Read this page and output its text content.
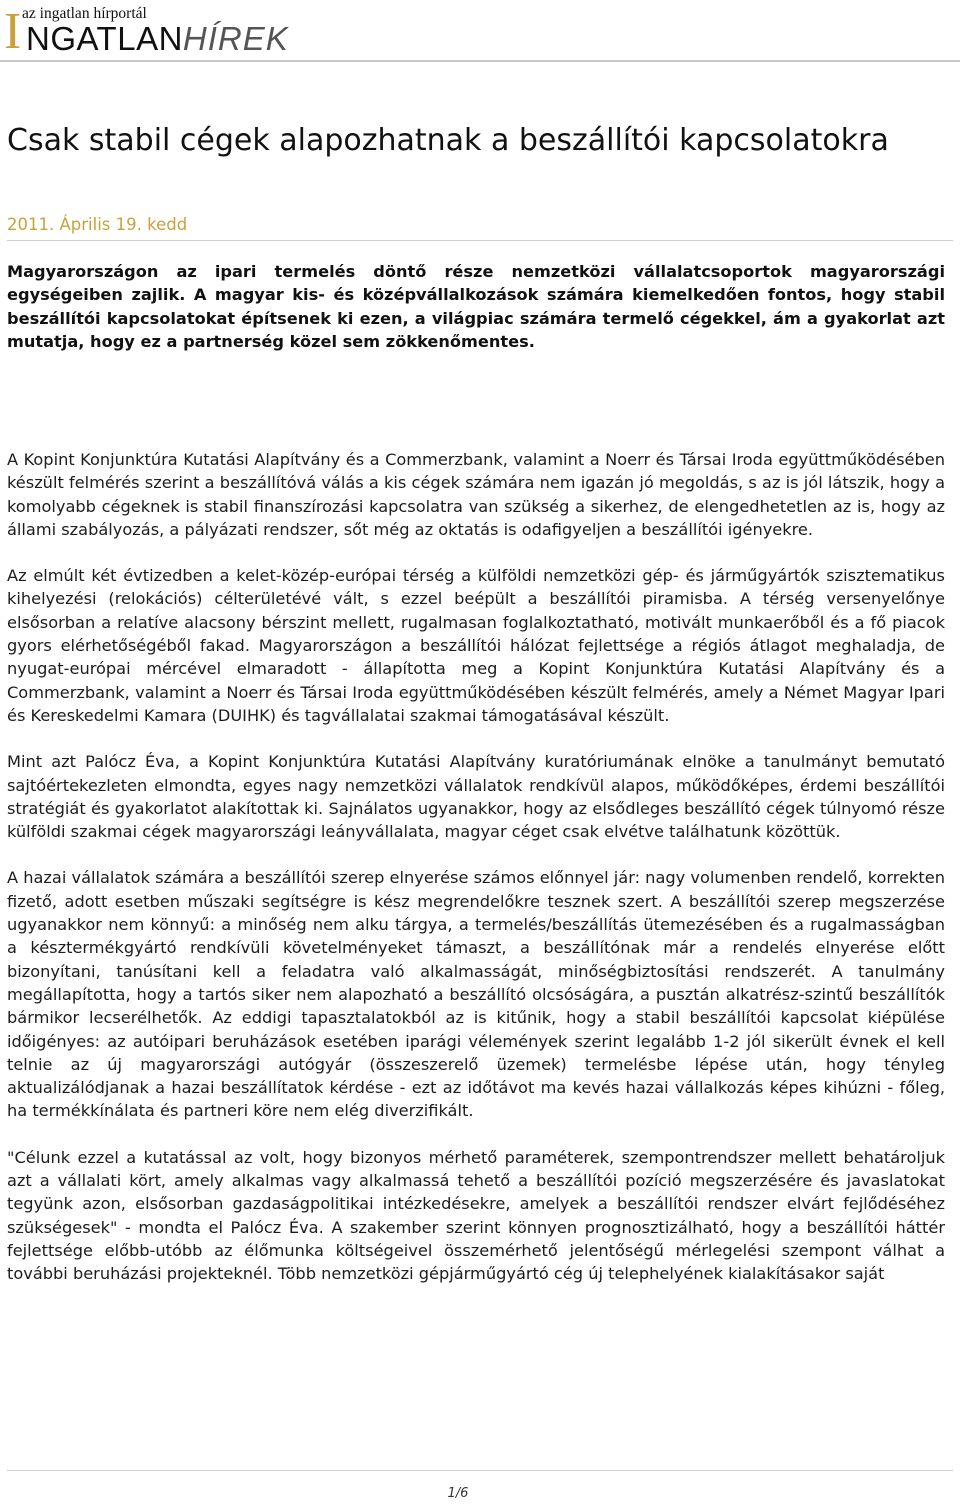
I az ingatlan hírportál
NGATLANHÍREK
Csak stabil cégek alapozhatnak a beszállítói kapcsolatokra
2011. Április 19. kedd

Magyarországon az ipari termelés döntő része nemzetközi vállalatcsoportok magyarországi egységeiben zajlik. A magyar kis- és középvállalkozások számára kiemelkedően fontos, hogy stabil beszállítói kapcsolatokat építsenek ki ezen, a világpiac számára termelő cégekkel, ám a gyakorlat azt mutatja, hogy ez a partnerség közel sem zökkenőmentes.

A Kopint Konjunktúra Kutatási Alapítvány és a Commerzbank, valamint a Noerr és Társai Iroda együttműködésében készült felmérés szerint a beszállítóvá válás a kis cégek számára nem igazán jó megoldás, s az is jól látszik, hogy a komolyabb cégeknek is stabil finanszírozási kapcsolatra van szükség a sikerhez, de elengedhetetlen az is, hogy az állami szabályozás, a pályázati rendszer, sőt még az oktatás is odafigyeljen a beszállítói igényekre.

Az elmúlt két évtizedben a kelet-közép-európai térség a külföldi nemzetközi gép- és járműgyártók szisztematikus kihelyezési (relokációs) célterületévé vált, s ezzel beépült a beszállítói piramisba. A térség versenyelőnye elsősorban a relatíve alacsony bérszint mellett, rugalmasan foglalkoztatható, motivált munkaerőből és a fő piacok gyors elérhetőségéből fakad. Magyarországon a beszállítói hálózat fejlettsége a régiós átlagot meghaladja, de nyugat-európai mércével elmaradott - állapította meg a Kopint Konjunktúra Kutatási Alapítvány és a Commerzbank, valamint a Noerr és Társai Iroda együttműködésében készült felmérés, amely a Német Magyar Ipari és Kereskedelmi Kamara (DUIHK) és tagvállalatai szakmai támogatásával készült.

Mint azt Palócz Éva, a Kopint Konjunktúra Kutatási Alapítvány kuratóriumának elnöke a tanulmányt bemutató sajtóértekezleten elmondta, egyes nagy nemzetközi vállalatok rendkívül alapos, működőképes, érdemi beszállítói stratégiát és gyakorlatot alakítottak ki. Sajnálatos ugyanakkor, hogy az elsődleges beszállító cégek túlnyomó része külföldi szakmai cégek magyarországi leányvállalata, magyar céget csak elvétve találhatunk közöttük.

A hazai vállalatok számára a beszállítói szerep elnyerése számos előnnyel jár: nagy volumenben rendelő, korrekten fizető, adott esetben műszaki segítségre is kész megrendelőkre tesznek szert. A beszállítói szerep megszerzése ugyanakkor nem könnyű: a minőség nem alku tárgya, a termelés/beszállítás ütemezésében és a rugalmasságban a késztermékgyártó rendkívüli követelményeket támaszt, a beszállítónak már a rendelés elnyerése előtt bizonyítani, tanúsítani kell a feladatra való alkalmasságát, minőségbiztosítási rendszerét. A tanulmány megállapította, hogy a tartós siker nem alapozható a beszállító olcsóságára, a pusztán alkatrész-szintű beszállítók bármikor lecserélhetők. Az eddigi tapasztalatokból az is kitűnik, hogy a stabil beszállítói kapcsolat kiépülése időigényes: az autóipari beruházások esetében iparági vélemények szerint legalább 1-2 jól sikerült évnek el kell telnie az új magyarországi autógyár (összeszerelő üzemek) termelésbe lépése után, hogy tényleg aktualizálódjanak a hazai beszállítatok kérdése - ezt az időtávot ma kevés hazai vállalkozás képes kihúzni - főleg, ha termékkínálata és partneri köre nem elég diverzifikált.

"Célunk ezzel a kutatással az volt, hogy bizonyos mérhető paraméterek, szempontrendszer mellett behatároljuk azt a vállalati kört, amely alkalmas vagy alkalmassá tehető a beszállítói pozíció megszerzésére és javaslatokat tegyünk azon, elsősorban gazdaságpolitikai intézkedésekre, amelyek a beszállítói rendszer elvárt fejlődéséhez szükségesek" - mondta el Palócz Éva. A szakember szerint könnyen prognosztizálható, hogy a beszállítói háttér fejlettsége előbb-utóbb az élőmunka költségeivel összemérhető jelentőségű mérlegelési szempont válhat a további beruházási projekteknél. Több nemzetközi gépjárműgyártó cég új telephelyének kialakításakor saját

1/6
